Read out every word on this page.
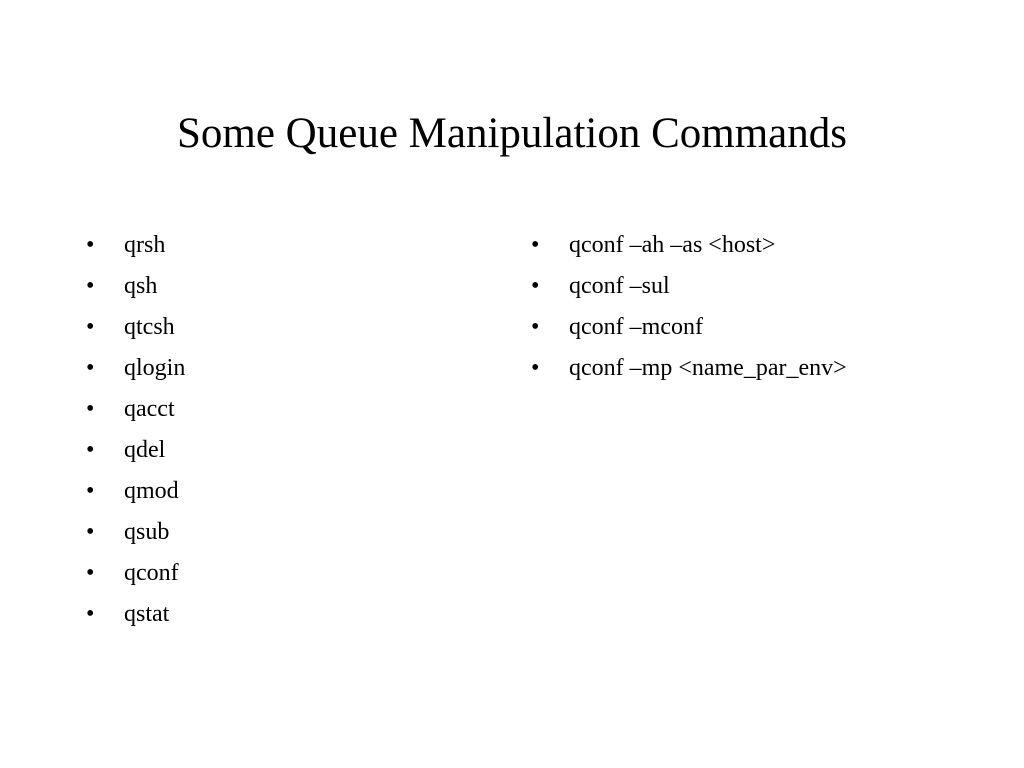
Some Queue Manipulation Commands
•	qrsh
•	qsh
•	qtcsh
•	qlogin
•	qacct
•	qdel
•	qmod
•	qsub
•	qconf
•	qstat
•	qconf –ah –as <host>
•	qconf –sul
•	qconf –mconf
•	qconf –mp <name_par_env>
